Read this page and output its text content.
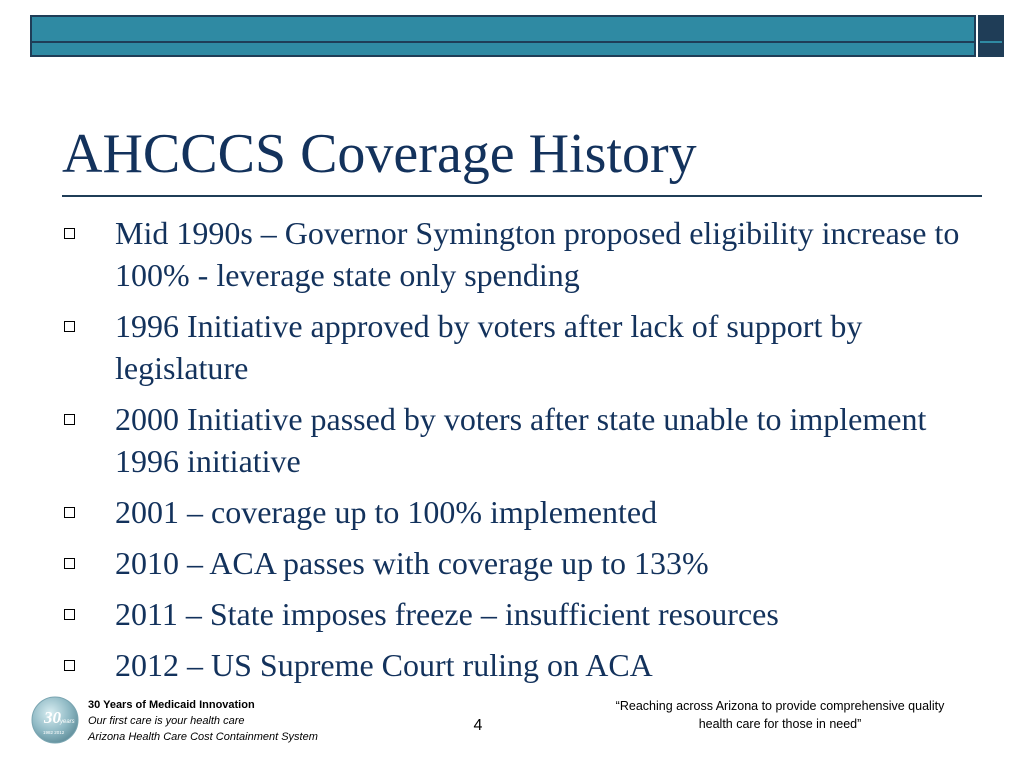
AHCCCS Coverage History
Mid 1990s – Governor Symington proposed eligibility increase to 100% - leverage state only spending
1996 Initiative approved by voters after lack of support by legislature
2000 Initiative passed by voters after state unable to implement 1996 initiative
2001 – coverage up to 100% implemented
2010 – ACA passes with coverage up to 133%
2011 – State imposes freeze – insufficient resources
2012 – US Supreme Court ruling on ACA
30 years
1982 2012
30 Years of Medicaid Innovation
Our first care is your health care
Arizona Health Care Cost Containment System
4
“Reaching across Arizona to provide comprehensive quality
health care for those in need”
